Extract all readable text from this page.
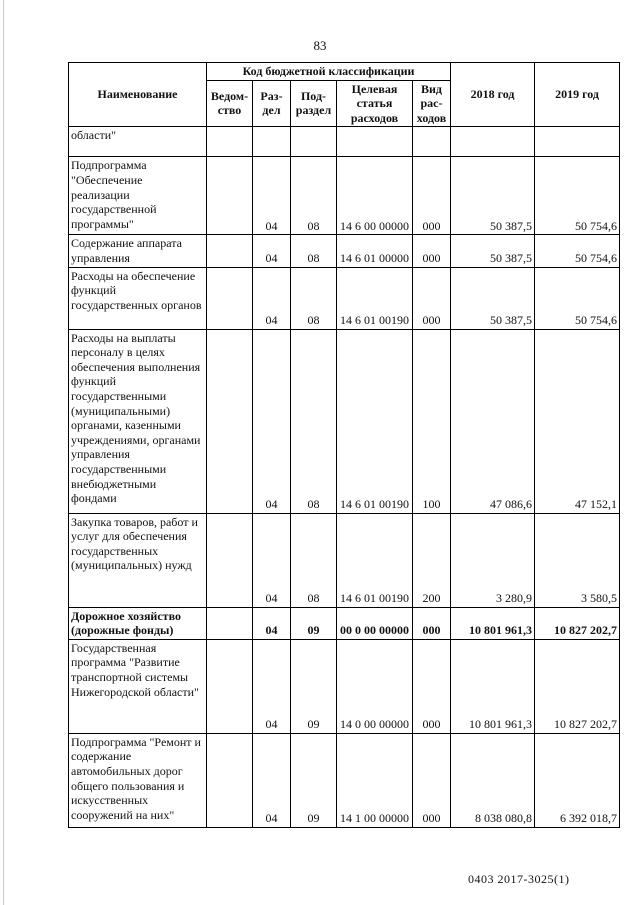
83
Наименование	Код бюджетной классификации					2018 год	2019 год
	Ведом-ство	Раз-дел	Под-раздел	Целевая статья расходов	Вид рас-ходов		
области"							
Подпрограмма "Обеспечение реализации государственной программы"		04	08	14 6 00 00000	000	50 387,5	50 754,6
Содержание аппарата управления		04	08	14 6 01 00000	000	50 387,5	50 754,6
Расходы на обеспечение функций государственных органов		04	08	14 6 01 00190	000	50 387,5	50 754,6
Расходы на выплаты персоналу в целях обеспечения выполнения функций государственными (муниципальными) органами, казенными учреждениями, органами управления государственными внебюджетными фондами		04	08	14 6 01 00190	100	47 086,6	47 152,1
Закупка товаров, работ и услуг для обеспечения государственных (муниципальных) нужд		04	08	14 6 01 00190	200	3 280,9	3 580,5
Дорожное хозяйство (дорожные фонды)		04	09	00 0 00 00000	000	10 801 961,3	10 827 202,7
Государственная программа "Развитие транспортной системы Нижегородской области"		04	09	14 0 00 00000	000	10 801 961,3	10 827 202,7
Подпрограмма "Ремонт и содержание автомобильных дорог общего пользования и искусственных сооружений на них"		04	09	14 1 00 00000	000	8 038 080,8	6 392 018,7
0403 2017-3025(1)
